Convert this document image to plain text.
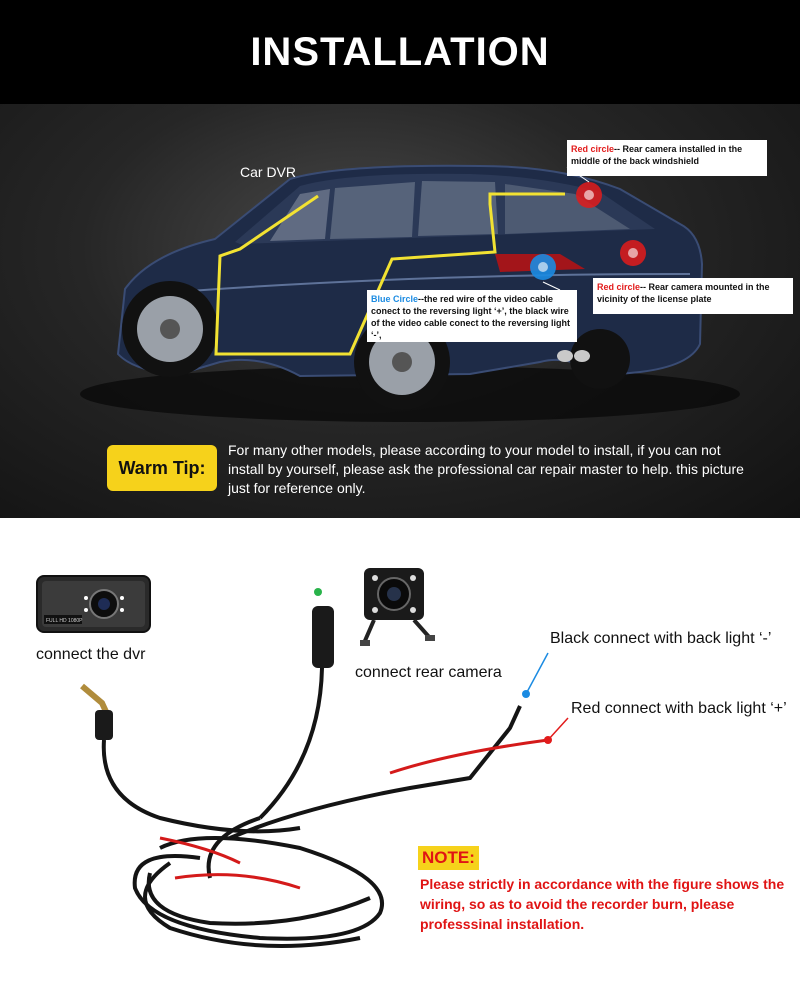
INSTALLATION
Car DVR
Red circle-- Rear camera installed in the middle of the back windshield
Blue Circle--the red wire of the video cable conect to the reversing light ‘+’, the black wire of the video cable conect to the reversing light ‘-’,
Red circle-- Rear camera mounted in the vicinity of the license plate
Warm Tip:
For many other models, please according to your model to install, if you can not install by yourself, please ask the professional car repair master to help. this picture just for reference only.
FULL HD 1080P
connect the dvr
connect rear camera
Black connect with back light ‘-’
Red connect with back light ‘+’
NOTE:
Please strictly in accordance with the figure shows the wiring, so as to avoid the recorder burn, please professsinal installation.
